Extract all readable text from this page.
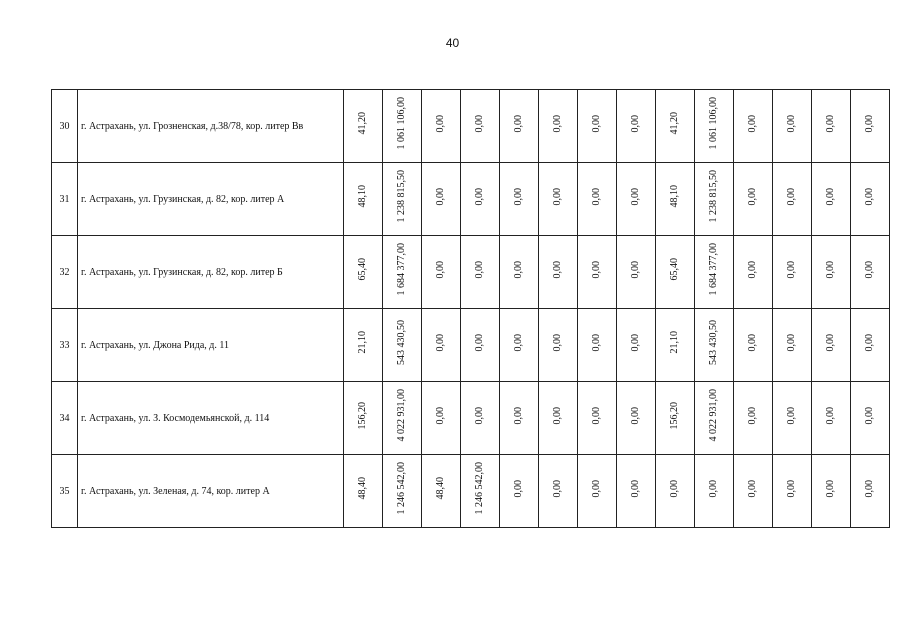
40
30	г. Астрахань, ул. Грозненская, д.38/78, кор. литер Вв	41,20	1 061 106,00	0,00	0,00	0,00	0,00	0,00	0,00	41,20	1 061 106,00	0,00	0,00	0,00	0,00
31	г. Астрахань, ул. Грузинская, д. 82, кор. литер А	48,10	1 238 815,50	0,00	0,00	0,00	0,00	0,00	0,00	48,10	1 238 815,50	0,00	0,00	0,00	0,00
32	г. Астрахань, ул. Грузинская, д. 82, кор. литер Б	65,40	1 684 377,00	0,00	0,00	0,00	0,00	0,00	0,00	65,40	1 684 377,00	0,00	0,00	0,00	0,00
33	г. Астрахань, ул. Джона Рида, д. 11	21,10	543 430,50	0,00	0,00	0,00	0,00	0,00	0,00	21,10	543 430,50	0,00	0,00	0,00	0,00
34	г. Астрахань, ул. З. Космодемьянской, д. 114	156,20	4 022 931,00	0,00	0,00	0,00	0,00	0,00	0,00	156,20	4 022 931,00	0,00	0,00	0,00	0,00
35	г. Астрахань, ул. Зеленая, д. 74, кор. литер А	48,40	1 246 542,00	48,40	1 246 542,00	0,00	0,00	0,00	0,00	0,00	0,00	0,00	0,00	0,00	0,00
